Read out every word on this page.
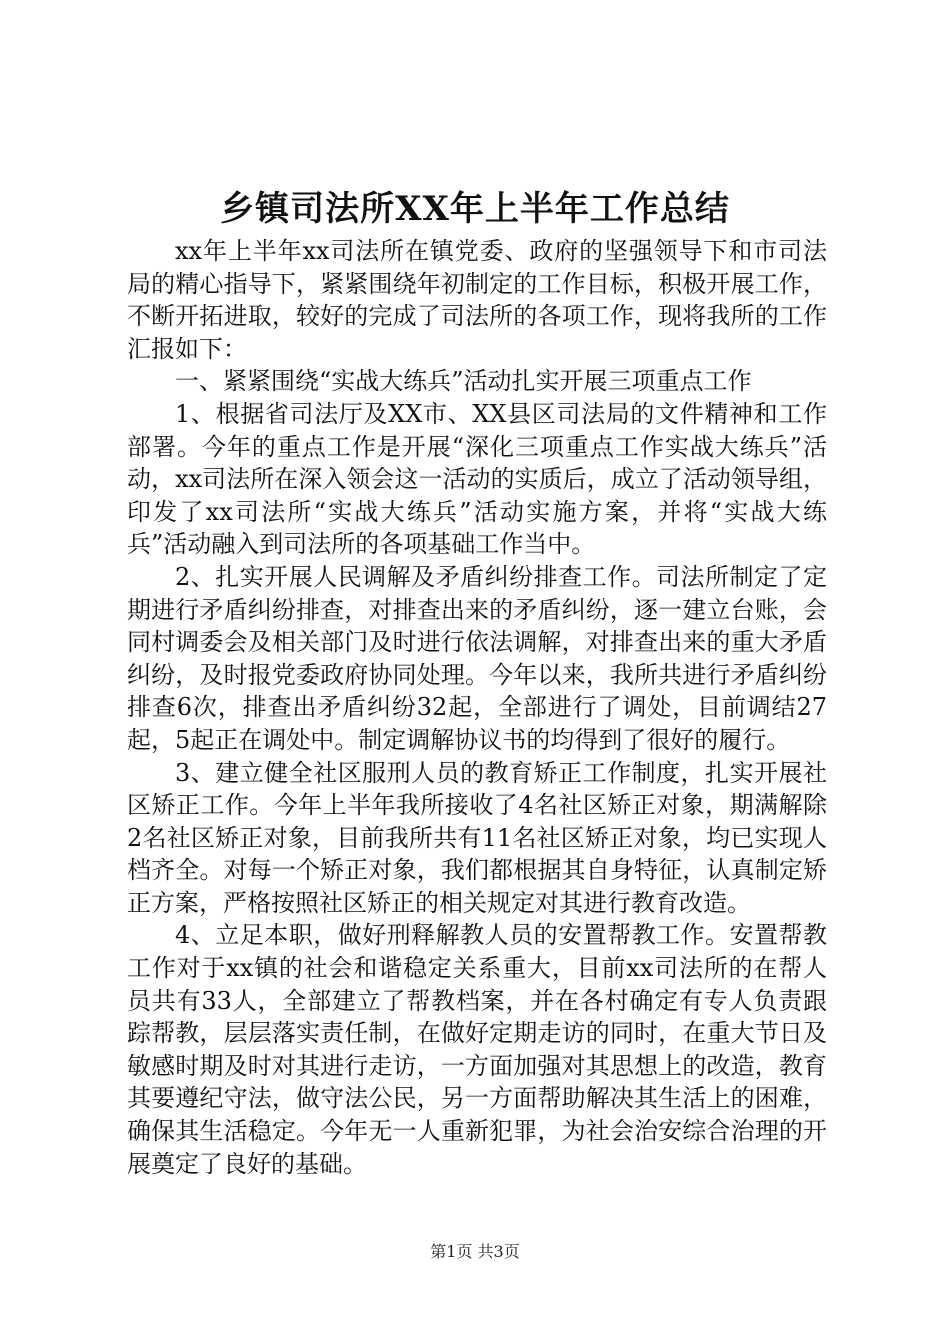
乡镇司法所XX年上半年工作总结

xx年上半年xx司法所在镇党委、政府的坚强领导下和市司法局的精心指导下，紧紧围绕年初制定的工作目标，积极开展工作，不断开拓进取，较好的完成了司法所的各项工作，现将我所的工作汇报如下：

一、紧紧围绕“实战大练兵”活动扎实开展三项重点工作

1、根据省司法厅及XX市、XX县区司法局的文件精神和工作部署。今年的重点工作是开展“深化三项重点工作实战大练兵”活动，xx司法所在深入领会这一活动的实质后，成立了活动领导组，印发了xx司法所“实战大练兵”活动实施方案，并将“实战大练兵”活动融入到司法所的各项基础工作当中。

2、扎实开展人民调解及矛盾纠纷排查工作。司法所制定了定期进行矛盾纠纷排查，对排查出来的矛盾纠纷，逐一建立台账，会同村调委会及相关部门及时进行依法调解，对排查出来的重大矛盾纠纷，及时报党委政府协同处理。今年以来，我所共进行矛盾纠纷排查6次，排查出矛盾纠纷32起，全部进行了调处，目前调结27起，5起正在调处中。制定调解协议书的均得到了很好的履行。

3、建立健全社区服刑人员的教育矫正工作制度，扎实开展社区矫正工作。今年上半年我所接收了4名社区矫正对象，期满解除2名社区矫正对象，目前我所共有11名社区矫正对象，均已实现人档齐全。对每一个矫正对象，我们都根据其自身特征，认真制定矫正方案，严格按照社区矫正的相关规定对其进行教育改造。

4、立足本职，做好刑释解教人员的安置帮教工作。安置帮教工作对于xx镇的社会和谐稳定关系重大，目前xx司法所的在帮人员共有33人，全部建立了帮教档案，并在各村确定有专人负责跟踪帮教，层层落实责任制，在做好定期走访的同时，在重大节日及敏感时期及时对其进行走访，一方面加强对其思想上的改造，教育其要遵纪守法，做守法公民，另一方面帮助解决其生活上的困难，确保其生活稳定。今年无一人重新犯罪，为社会治安综合治理的开展奠定了良好的基础。

第1页 共3页
